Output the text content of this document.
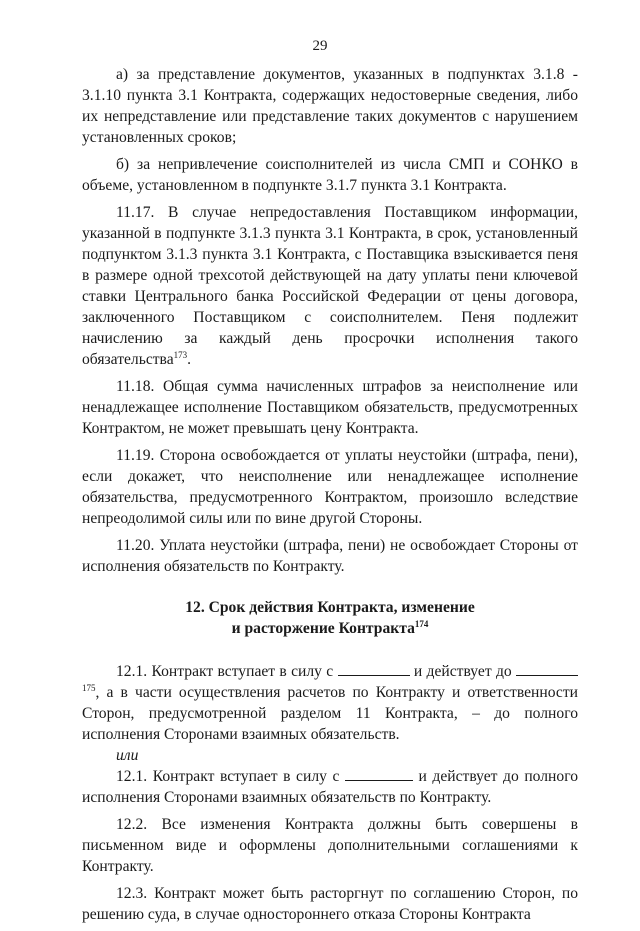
29

а) за представление документов, указанных в подпунктах 3.1.8 - 3.1.10 пункта 3.1 Контракта, содержащих недостоверные сведения, либо их непредставление или представление таких документов с нарушением установленных сроков;

б) за непривлечение соисполнителей из числа СМП и СОНКО в объеме, установленном в подпункте 3.1.7 пункта 3.1 Контракта.

11.17. В случае непредоставления Поставщиком информации, указанной в подпункте 3.1.3 пункта 3.1 Контракта, в срок, установленный подпунктом 3.1.3 пункта 3.1 Контракта, с Поставщика взыскивается пеня в размере одной трехсотой действующей на дату уплаты пени ключевой ставки Центрального банка Российской Федерации от цены договора, заключенного Поставщиком с соисполнителем. Пеня подлежит начислению за каждый день просрочки исполнения такого обязательства$^{173}$.

11.18. Общая сумма начисленных штрафов за неисполнение или ненадлежащее исполнение Поставщиком обязательств, предусмотренных Контрактом, не может превышать цену Контракта.

11.19. Сторона освобождается от уплаты неустойки (штрафа, пени), если докажет, что неисполнение или ненадлежащее исполнение обязательства, предусмотренного Контрактом, произошло вследствие непреодолимой силы или по вине другой Стороны.

11.20. Уплата неустойки (штрафа, пени) не освобождает Стороны от исполнения обязательств по Контракту.

12. Срок действия Контракта, изменение
и расторжение Контракта$^{174}$

12.1. Контракт вступает в силу с	и действует до $^{175}$, а в части осуществления расчетов по Контракту и ответственности Сторон, предусмотренной разделом 11 Контракта, – до полного исполнения Сторонами взаимных обязательств.

или

12.1. Контракт вступает в силу с	и действует до полного исполнения Сторонами взаимных обязательств по Контракту.

12.2. Все изменения Контракта должны быть совершены в письменном виде и оформлены дополнительными соглашениями к Контракту.

12.3. Контракт может быть расторгнут по соглашению Сторон, по решению суда, в случае одностороннего отказа Стороны Контракта
